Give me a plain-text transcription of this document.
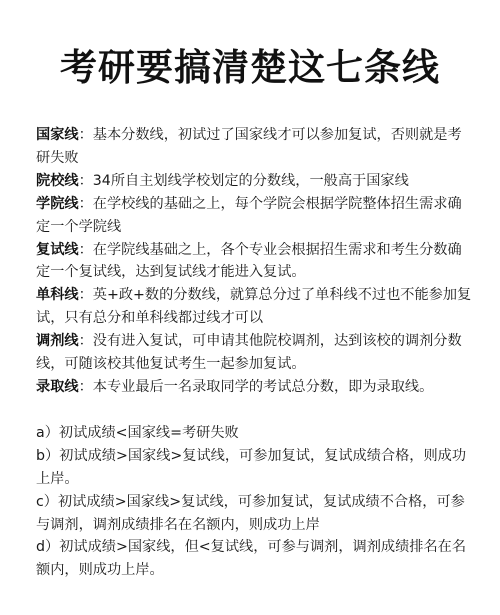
考研要搞清楚这七条线

国家线：基本分数线，初试过了国家线才可以参加复试，否则就是考研失败

院校线：34所自主划线学校划定的分数线，一般高于国家线

学院线：在学校线的基础之上，每个学院会根据学院整体招生需求确定一个学院线

复试线：在学院线基础之上，各个专业会根据招生需求和考生分数确定一个复试线，达到复试线才能进入复试。

单科线：英+政+数的分数线，就算总分过了单科线不过也不能参加复试，只有总分和单科线都过线才可以

调剂线：没有进入复试，可申请其他院校调剂，达到该校的调剂分数线，可随该校其他复试考生一起参加复试。

录取线：本专业最后一名录取同学的考试总分数，即为录取线。

a）初试成绩<国家线=考研失败

b）初试成绩>国家线>复试线，可参加复试，复试成绩合格，则成功上岸。

c）初试成绩>国家线>复试线，可参加复试，复试成绩不合格，可参与调剂，调剂成绩排名在名额内，则成功上岸

d）初试成绩>国家线，但<复试线，可参与调剂，调剂成绩排名在名额内，则成功上岸。
